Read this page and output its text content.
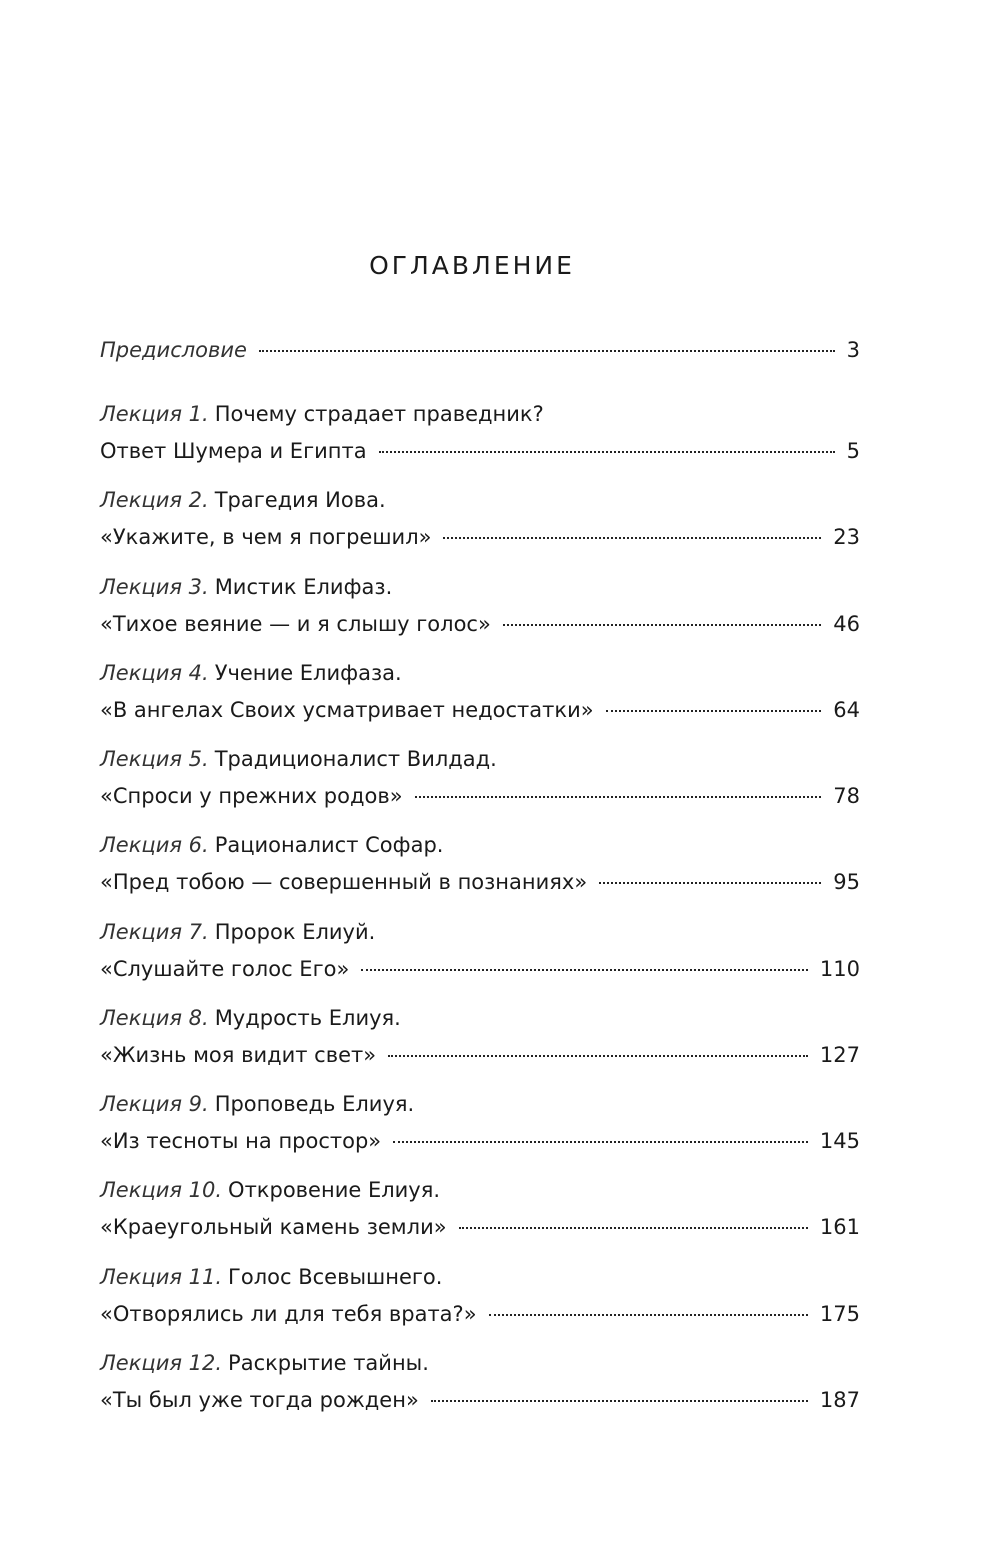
ОГЛАВЛЕНИЕ
Предисловие	3
Лекция 1. Почему страдает праведник?
Ответ Шумера и Египта	5
Лекция 2. Трагедия Иова.
«Укажите, в чем я погрешил»	23
Лекция 3. Мистик Елифаз.
«Тихое веяние — и я слышу голос»	46
Лекция 4. Учение Елифаза.
«В ангелах Своих усматривает недостатки»	64
Лекция 5. Традиционалист Вилдад.
«Спроси у прежних родов»	78
Лекция 6. Рационалист Софар.
«Пред тобою — совершенный в познаниях»	95
Лекция 7. Пророк Елиуй.
«Слушайте голос Его»	110
Лекция 8. Мудрость Елиуя.
«Жизнь моя видит свет»	127
Лекция 9. Проповедь Елиуя.
«Из тесноты на простор»	145
Лекция 10. Откровение Елиуя.
«Краеугольный камень земли»	161
Лекция 11. Голос Всевышнего.
«Отворялись ли для тебя врата?»	175
Лекция 12. Раскрытие тайны.
«Ты был уже тогда рожден»	187
